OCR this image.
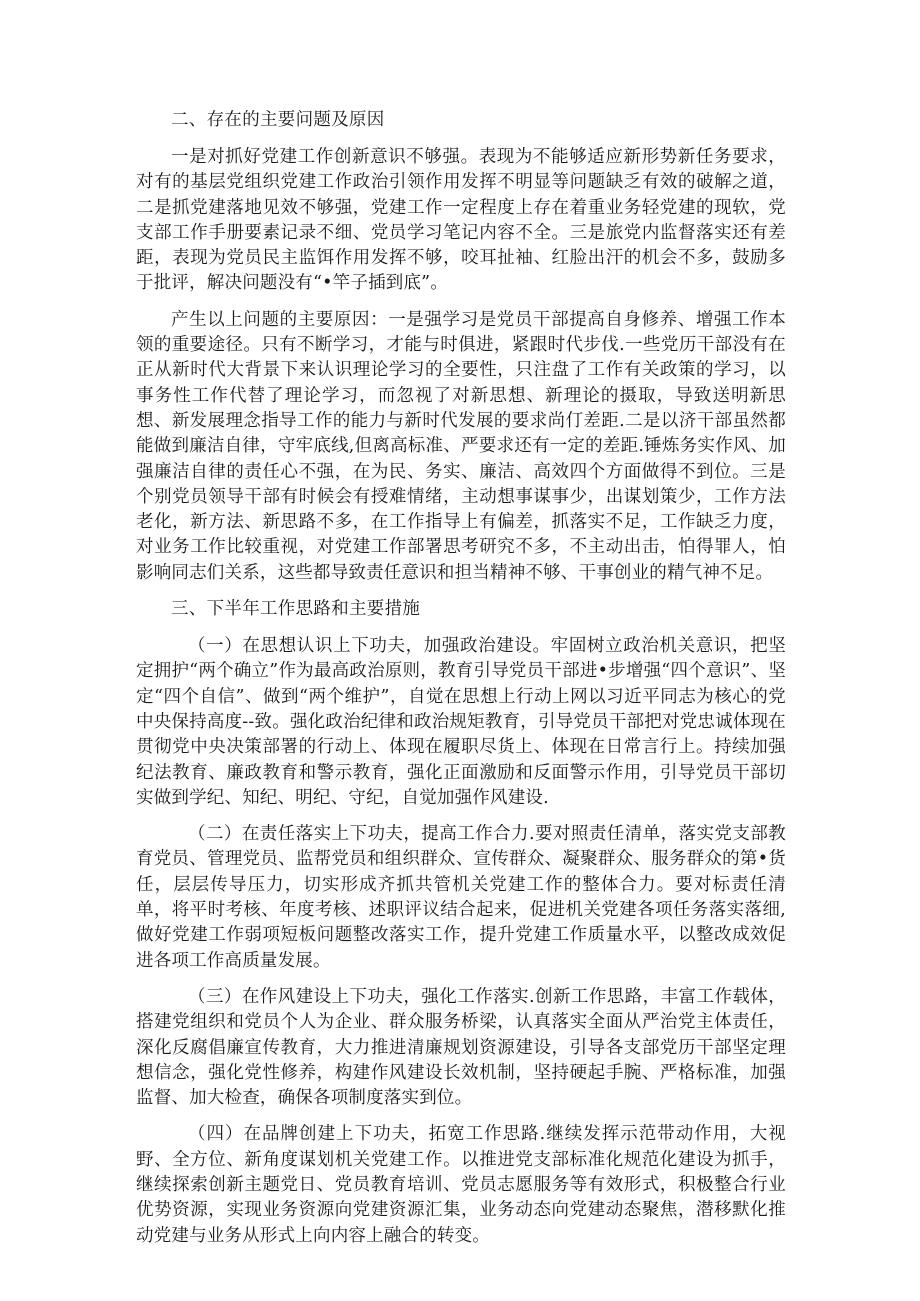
二、存在的主要问题及原因

一是对抓好党建工作创新意识不够强。表现为不能够适应新形势新任务要求，对有的基层党组织党建工作政治引领作用发挥不明显等问题缺乏有效的破解之道，二是抓党建落地见效不够强，党建工作一定程度上存在着重业务轻党建的现软，党支部工作手册要素记录不细、党员学习笔记内容不全。三是旅党内监督落实还有差距，表现为党员民主监饵作用发挥不够，咬耳扯袖、红脸出汗的机会不多，鼓励多于批评，解决问题没有“•竿子插到底”。

产生以上问题的主要原因：一是强学习是党员干部提高自身修养、增强工作本领的重要途径。只有不断学习，才能与时俱进，紧跟时代步伐.一些党历干部没有在正从新时代大背景下来认识理论学习的全要性，只注盘了工作有关政策的学习，以事务性工作代替了理论学习，而忽视了对新思想、新理论的摄取，导致送明新思想、新发展理念指导工作的能力与新时代发展的要求尚仃差距.二是以济干部虽然都能做到廉洁自律，守牢底线,但离高标准、严要求还有一定的差距.锤炼务实作风、加强廉洁自律的责任心不强，在为民、务实、廉洁、高效四个方面做得不到位。三是个别党员领导干部有时候会有授难情绪，主动想事谋事少，出谋划策少，工作方法老化，新方法、新思路不多，在工作指导上有偏差，抓落实不足，工作缺乏力度，对业务工作比较重视，对党建工作部署思考研究不多，不主动出击，怕得罪人，怕影响同志们关系，这些都导致责任意识和担当精神不够、干事创业的精气神不足。

三、下半年工作思路和主要措施

（一）在思想认识上下功夫，加强政治建设。牢固树立政治机关意识，把坚定拥护“两个确立”作为最高政治原则，教育引导党员干部进•步增强“四个意识”、坚定“四个自信”、做到“两个维护”，自觉在思想上行动上网以习近平同志为核心的党中央保持高度--致。强化政治纪律和政治规矩教育，引导党员干部把对党忠诚体现在贯彻党中央决策部署的行动上、体现在履职尽货上、体现在日常言行上。持续加强纪法教育、廉政教育和警示教育，强化正面激励和反面警示作用，引导党员干部切实做到学纪、知纪、明纪、守纪，自觉加强作风建设.

（二）在责任落实上下功夫，提高工作合力.要对照责任清单，落实党支部教育党员、管理党员、监帮党员和组织群众、宣传群众、凝聚群众、服务群众的第•货任，层层传导压力，切实形成齐抓共管机关党建工作的整体合力。要对标责任清单，将平时考核、年度考核、述职评议结合起来，促进机关党建各项任务落实落细,做好党建工作弱项短板问题整改落实工作，提升党建工作质量水平，以整改成效促进各项工作高质量发展。

（三）在作风建设上下功夫，强化工作落实.创新工作思路，丰富工作载体，搭建党组织和党员个人为企业、群众服务桥梁，认真落实全面从严治党主体责任，深化反腐倡廉宣传教育，大力推进清廉规划资源建设，引导各支部党历干部坚定理想信念，强化党性修养，构建作风建设长效机制，坚持硬起手腕、严格标准，加强监督、加大检查，确保各项制度落实到位。

（四）在品牌创建上下功夫，拓宽工作思路.继续发挥示范带动作用，大视野、全方位、新角度谋划机关党建工作。以推进党支部标准化规范化建设为抓手，继续探索创新主题党日、党员教育培训、党员志愿服务等有效形式，积极整合行业优势资源，实现业务资源向党建资源汇集，业务动态向党建动态聚焦，潜移默化推动党建与业务从形式上向内容上融合的转变。
